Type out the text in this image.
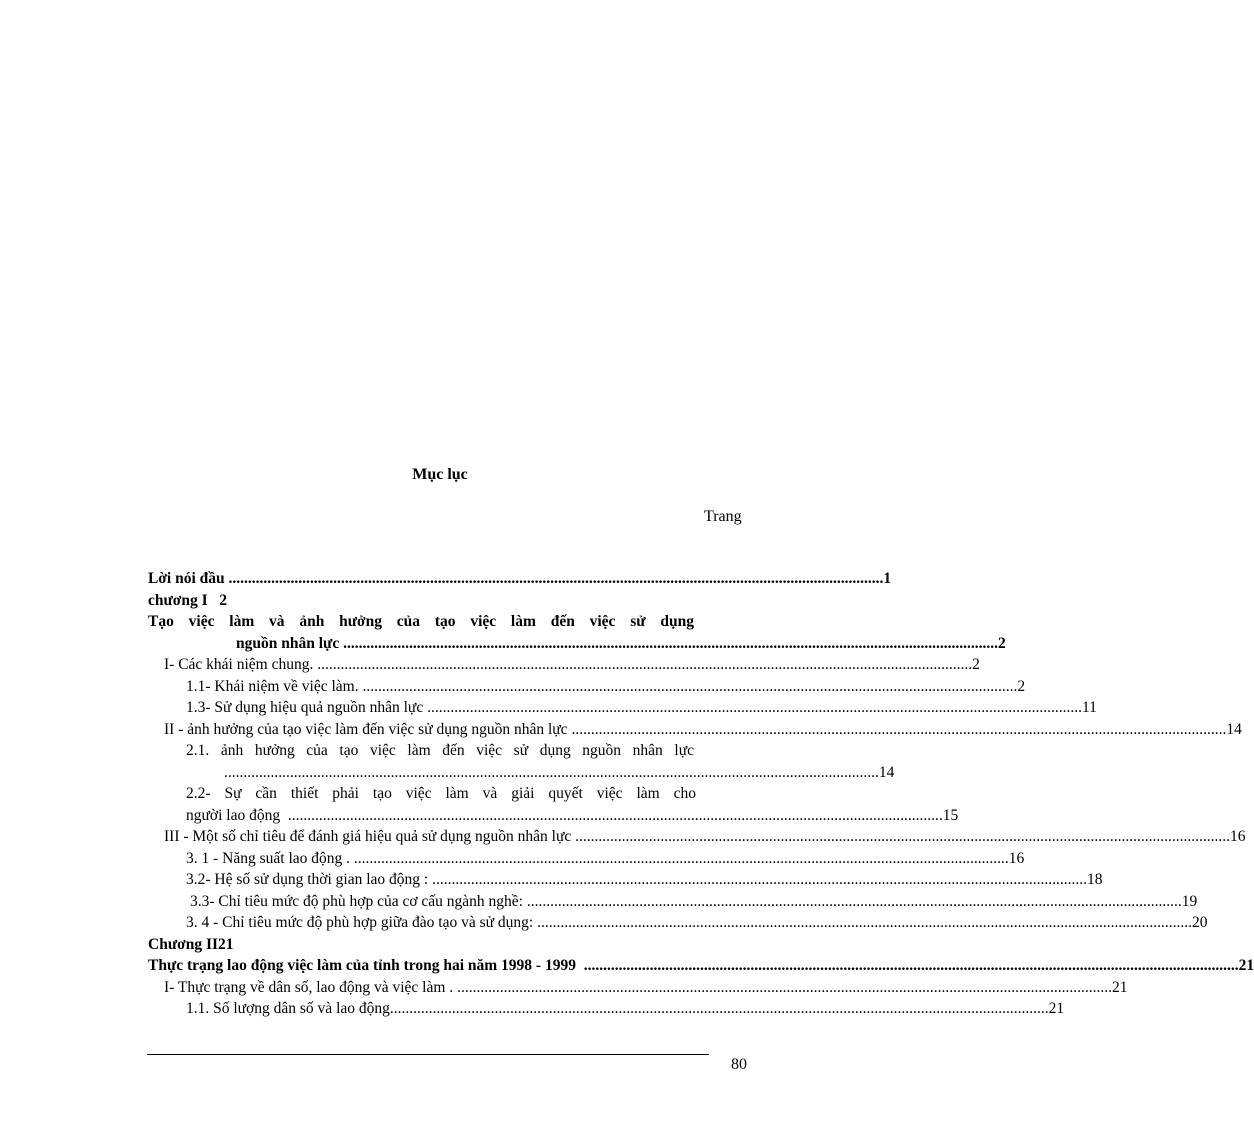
Mục lục
Trang
Lời nói đầu ......................................................................................................................................................................... 1
chương I   2
Tạo việc làm và ảnh hưởng của tạo việc làm đến việc sử dụng
nguồn nhân lực ......................................................................................................................................................................... 2
I- Các khái niệm chung. ......................................................................................................................................................................... 2
1.1- Khái niệm về việc làm. ......................................................................................................................................................................... 2
1.3- Sử dụng hiệu quả nguồn nhân lực ......................................................................................................................................................................... 11
II - ảnh hưởng của tạo việc làm đến việc sử dụng nguồn nhân lực ......................................................................................................................................................................... 14
2.1. ảnh hưởng của tạo việc làm đến việc sử dụng nguồn nhân lực
......................................................................................................................................................................... 14
2.2- Sự cần thiết phải tạo việc làm và giải quyết việc làm cho
người lao động ......................................................................................................................................................................... 15
III - Một số chỉ tiêu để đánh giá hiệu quả sử dụng nguồn nhân lực ......................................................................................................................................................................... 16
3. 1 - Năng suất lao động . ......................................................................................................................................................................... 16
3.2- Hệ số sử dụng thời gian lao động : ......................................................................................................................................................................... 18
3.3- Chỉ tiêu mức độ phù hợp của cơ cấu ngành nghề: ......................................................................................................................................................................... 19
3. 4 - Chỉ tiêu mức độ phù hợp giữa đào tạo và sử dụng: ......................................................................................................................................................................... 20
Chương II21
Thực trạng lao động việc làm của tỉnh trong hai năm 1998 - 1999 ......................................................................................................................................................................... 21
I- Thực trạng về dân số, lao động và việc làm . ......................................................................................................................................................................... 21
1.1. Số lượng dân số và lao động. ......................................................................................................................................................................... 21
80
